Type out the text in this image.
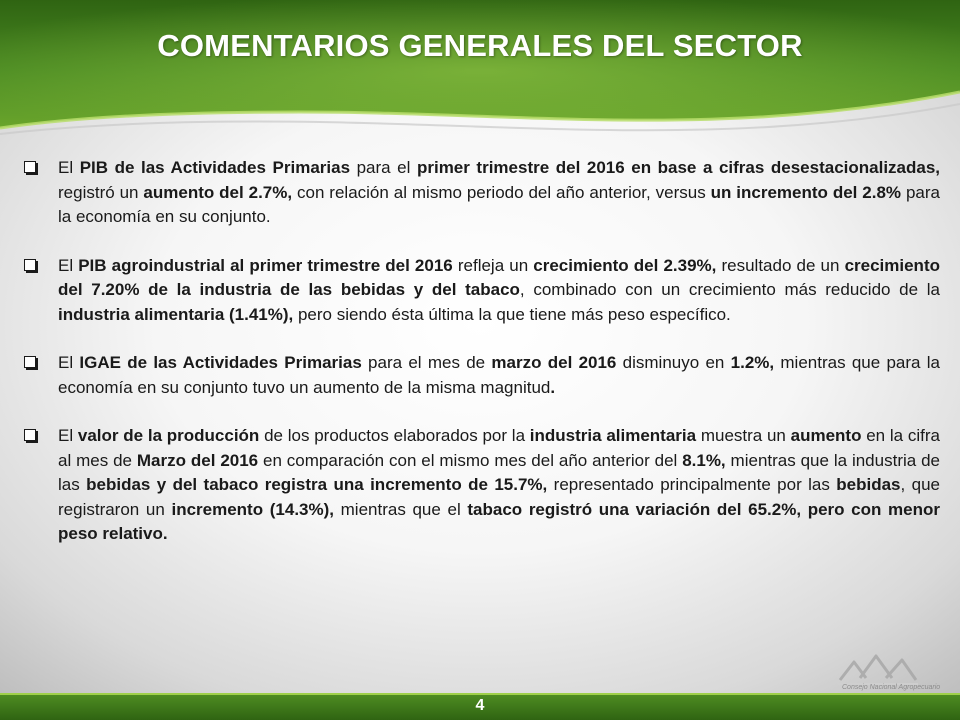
COMENTARIOS GENERALES DEL SECTOR
El PIB de las Actividades Primarias para el primer trimestre del 2016 en base a cifras desestacionalizadas, registró un aumento del 2.7%, con relación al mismo periodo del año anterior, versus un incremento del 2.8% para la economía en su conjunto.
El PIB agroindustrial al primer trimestre del 2016 refleja un crecimiento del 2.39%, resultado de un crecimiento del 7.20% de la industria de las bebidas y del tabaco, combinado con un crecimiento más reducido de la industria alimentaria (1.41%), pero siendo ésta última la que tiene más peso específico.
El IGAE de las Actividades Primarias para el mes de marzo del 2016 disminuyo en 1.2%, mientras que para la economía en su conjunto tuvo un aumento de la misma magnitud.
El valor de la producción de los productos elaborados por la industria alimentaria muestra un aumento en la cifra al mes de Marzo del 2016 en comparación con el mismo mes del año anterior del 8.1%, mientras que la industria de las bebidas y del tabaco registra una incremento de 15.7%, representado principalmente por las bebidas, que registraron un incremento (14.3%), mientras que el tabaco registró una variación del 65.2%, pero con menor peso relativo.
Consejo Nacional Agropecuario
4
